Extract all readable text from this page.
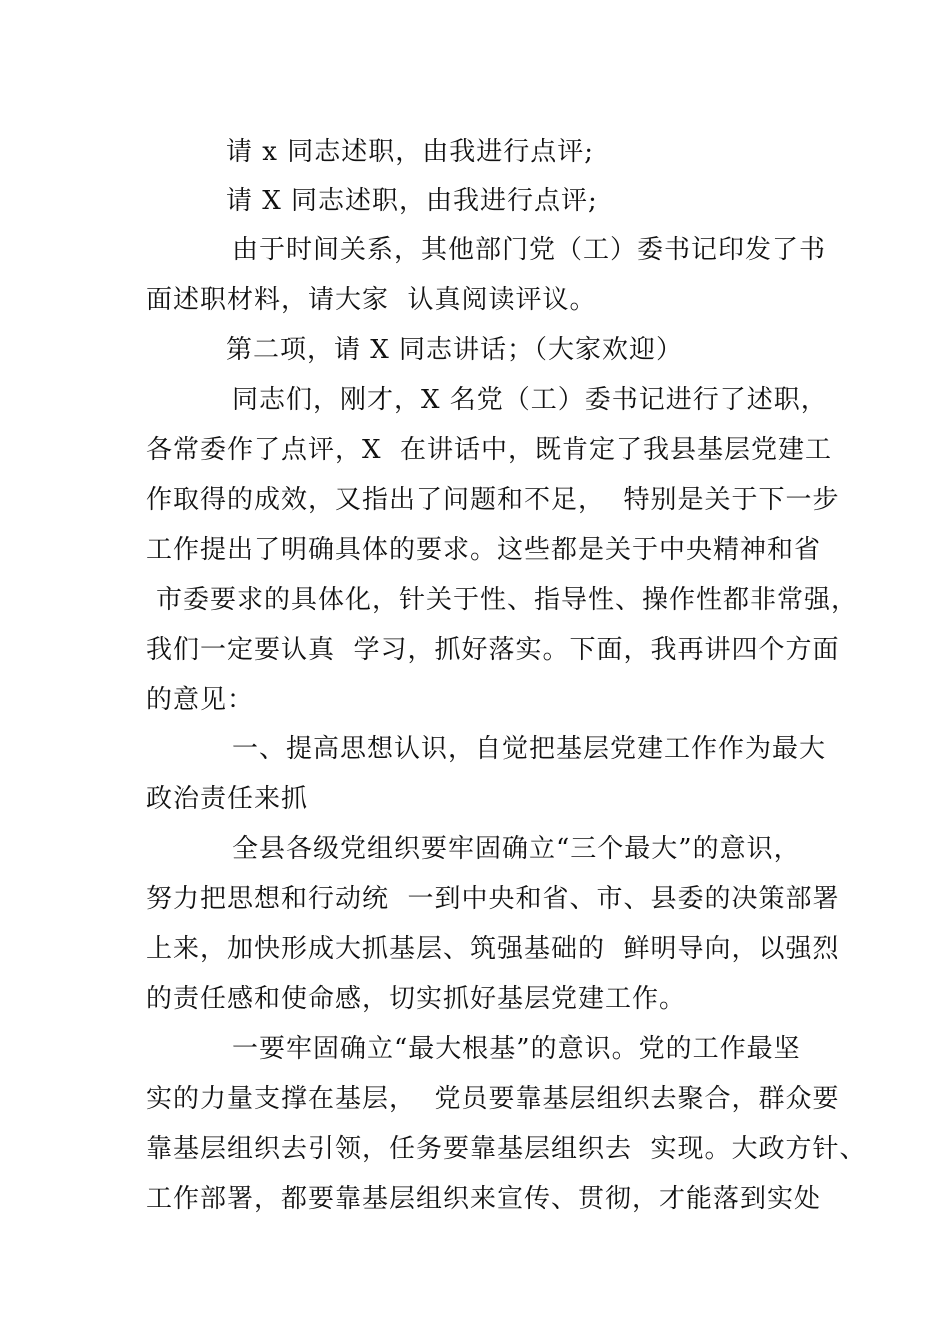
请 x 同志述职，由我进行点评;
请 X 同志述职，由我进行点评;
由于时间关系，其他部门党（工）委书记印发了书
面述职材料，请大家  认真阅读评议。
第二项，请 X 同志讲话；（大家欢迎）
同志们，刚才，X 名党（工）委书记进行了述职，
各常委作了点评，X  在讲话中，既肯定了我县基层党建工
作取得的成效，又指出了问题和不足，  特别是关于下一步
工作提出了明确具体的要求。这些都是关于中央精神和省
市委要求的具体化，针关于性、指导性、操作性都非常强，
我们一定要认真  学习，抓好落实。下面，我再讲四个方面
的意见：
一、提高思想认识，自觉把基层党建工作作为最大
政治责任来抓
全县各级党组织要牢固确立“三个最大”的意识，
努力把思想和行动统  一到中央和省、市、县委的决策部署
上来，加快形成大抓基层、筑强基础的  鲜明导向，以强烈
的责任感和使命感，切实抓好基层党建工作。
一要牢固确立“最大根基”的意识。党的工作最坚
实的力量支撑在基层，  党员要靠基层组织去聚合，群众要
靠基层组织去引领，任务要靠基层组织去  实现。大政方针、
工作部署，都要靠基层组织来宣传、贯彻，才能落到实处
